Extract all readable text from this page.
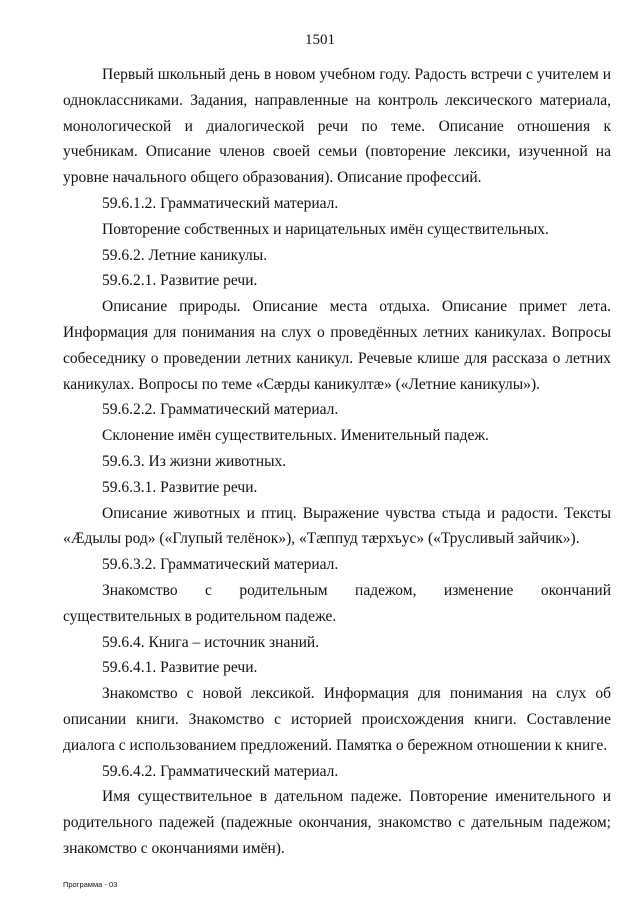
1501

Первый школьный день в новом учебном году. Радость встречи с учителем и одноклассниками. Задания, направленные на контроль лексического материала, монологической и диалогической речи по теме. Описание отношения к учебникам. Описание членов своей семьи (повторение лексики, изученной на уровне начального общего образования). Описание профессий.

59.6.1.2. Грамматический материал.

Повторение собственных и нарицательных имён существительных.

59.6.2. Летние каникулы.

59.6.2.1. Развитие речи.

Описание природы. Описание места отдыха. Описание примет лета. Информация для понимания на слух о проведённых летних каникулах. Вопросы собеседнику о проведении летних каникул. Речевые клише для рассказа о летних каникулах. Вопросы по теме «Сæрды каникултæ» («Летние каникулы»).

59.6.2.2. Грамматический материал.

Склонение имён существительных. Именительный падеж.

59.6.3. Из жизни животных.

59.6.3.1. Развитие речи.

Описание животных и птиц. Выражение чувства стыда и радости. Тексты «Æдылы род» («Глупый телёнок»), «Тæппуд тæрхъус» («Трусливый зайчик»).

59.6.3.2. Грамматический материал.

Знакомство с родительным падежом, изменение окончаний существительных в родительном падеже.

59.6.4. Книга – источник знаний.

59.6.4.1. Развитие речи.

Знакомство с новой лексикой. Информация для понимания на слух об описании книги. Знакомство с историей происхождения книги. Составление диалога с использованием предложений. Памятка о бережном отношении к книге.

59.6.4.2. Грамматический материал.

Имя существительное в дательном падеже. Повторение именительного и родительного падежей (падежные окончания, знакомство с дательным падежом; знакомство с окончаниями имён).

Программа - 03
